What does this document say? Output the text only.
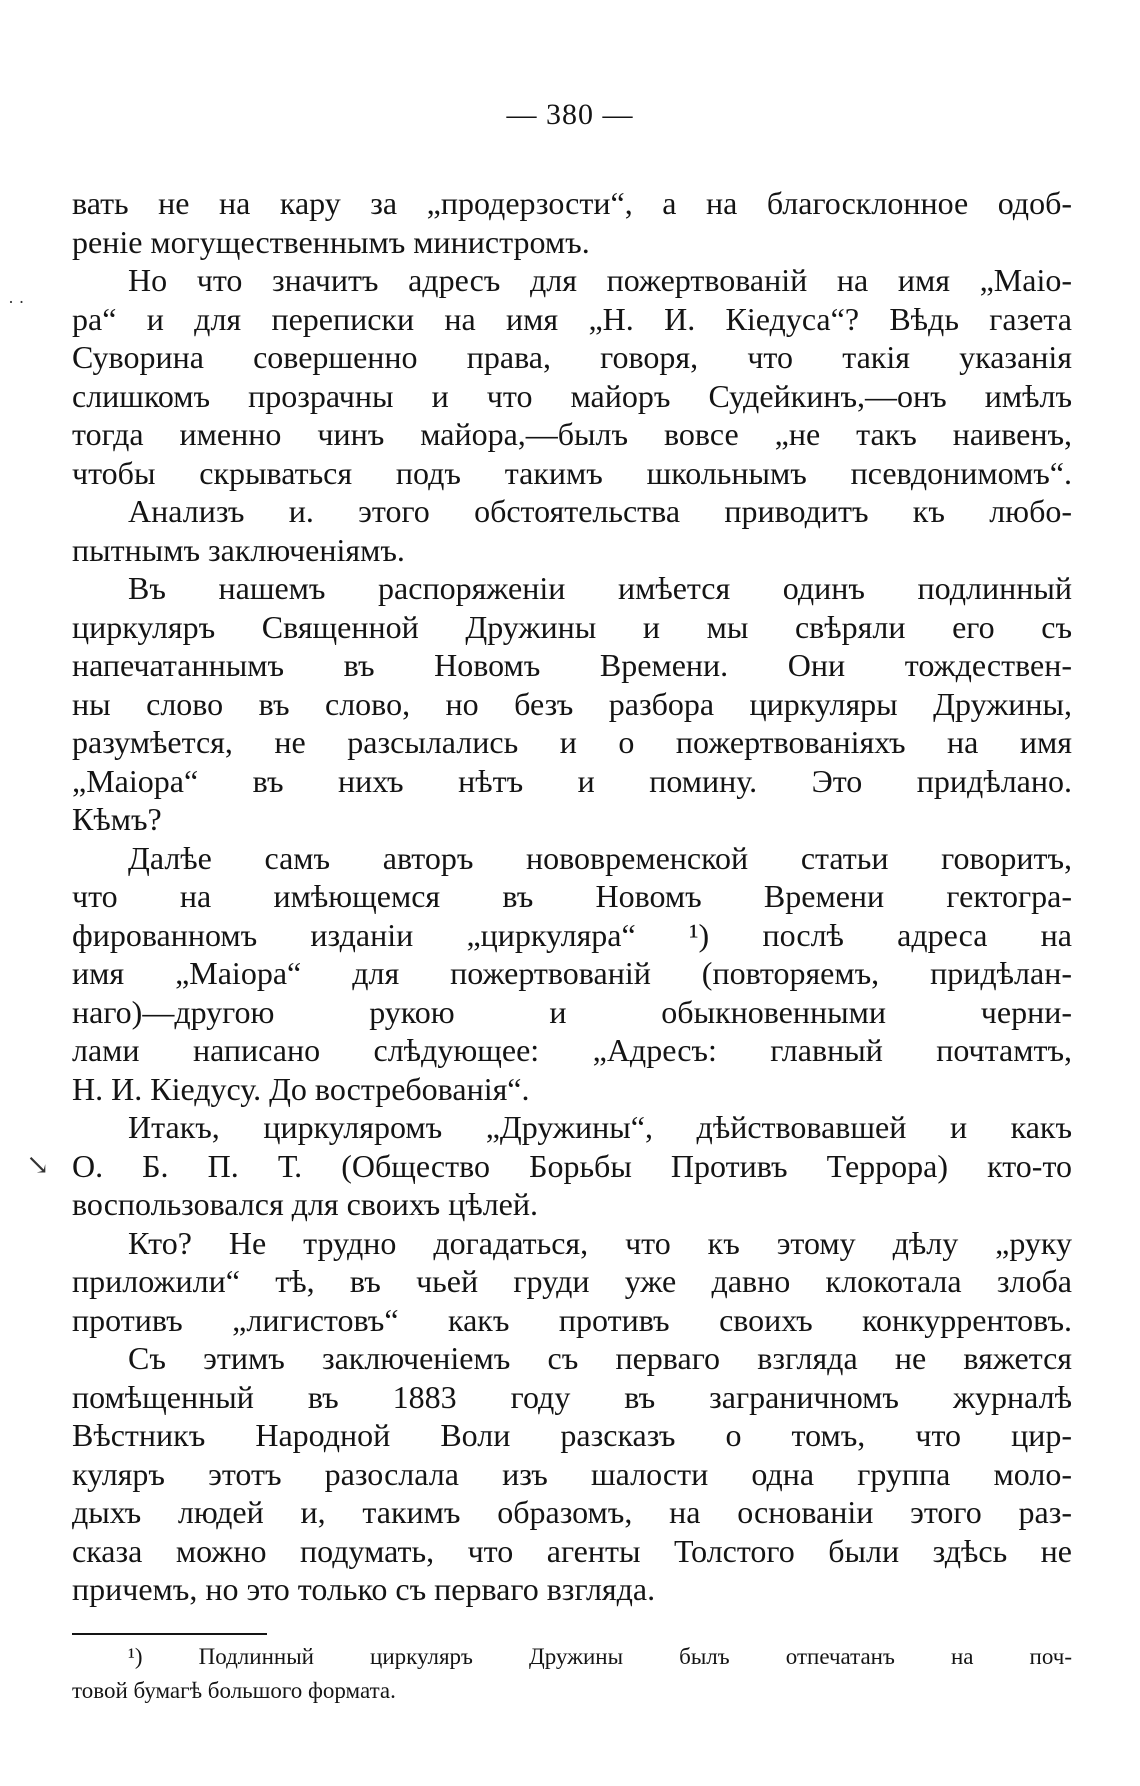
— 380 —
· ·
↘
вать не на кару за „продерзости“, а на благосклонное одоб-
реніе могущественнымъ министромъ.
Но что значитъ адресъ для пожертвованій на имя „Маіо-
ра“ и для переписки на имя „Н. И. Кіедуса“? Вѣдь газета
Суворина совершенно права, говоря, что такія указанія
слишкомъ прозрачны и что майоръ Судейкинъ,—онъ имѣлъ
тогда именно чинъ майора,—былъ вовсе „не такъ наивенъ,
чтобы скрываться подъ такимъ школьнымъ псевдонимомъ“.
Анализъ и. этого обстоятельства приводитъ къ любо-
пытнымъ заключеніямъ.
Въ нашемъ распоряженіи имѣется одинъ подлинный
циркуляръ Священной Дружины и мы свѣряли его съ
напечатаннымъ въ Новомъ Времени. Они тождествен-
ны слово въ слово, но безъ разбора циркуляры Дружины,
разумѣется, не разсылались и о пожертвованіяхъ на имя
„Маіора“ въ нихъ нѣтъ и помину. Это придѣлано.
Кѣмъ?
Далѣе самъ авторъ нововременской статьи говоритъ,
что на имѣющемся въ Новомъ Времени гектогра-
фированномъ изданіи „циркуляра“ ¹) послѣ адреса на
имя „Маіора“ для пожертвованій (повторяемъ, придѣлан-
наго)—другою рукою и обыкновенными черни-
лами написано слѣдующее: „Адресъ: главный почтамтъ,
Н. И. Кіедусу. До востребованія“.
Итакъ, циркуляромъ „Дружины“, дѣйствовавшей и какъ
О. Б. П. Т. (Общество Борьбы Противъ Террора) кто-то
воспользовался для своихъ цѣлей.
Кто? Не трудно догадаться, что къ этому дѣлу „руку
приложили“ тѣ, въ чьей груди уже давно клокотала злоба
противъ „лигистовъ“ какъ противъ своихъ конкуррентовъ.
Съ этимъ заключеніемъ съ перваго взгляда не вяжется
помѣщенный въ 1883 году въ заграничномъ журналѣ
Вѣстникъ Народной Воли разсказъ о томъ, что цир-
куляръ этотъ разослала изъ шалости одна группа моло-
дыхъ людей и, такимъ образомъ, на основаніи этого раз-
сказа можно подумать, что агенты Толстого были здѣсь не
причемъ, но это только съ перваго взгляда.
¹) Подлинный циркуляръ Дружины былъ отпечатанъ на поч-
товой бумагѣ большого формата.
